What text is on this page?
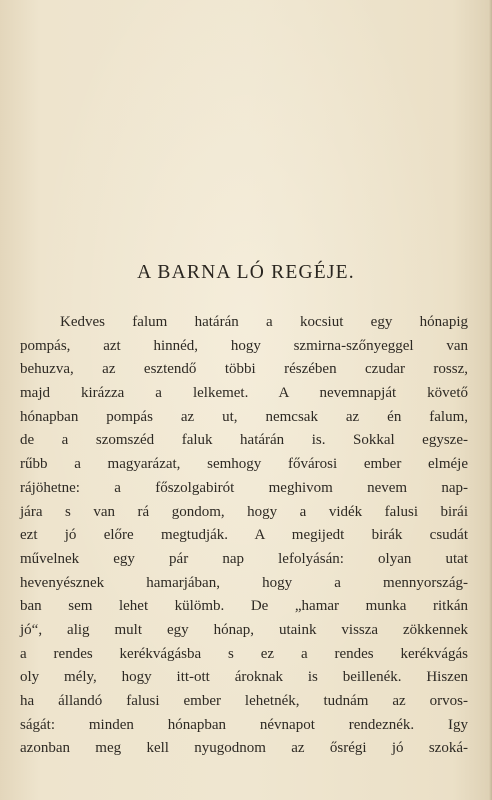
A BARNA LÓ REGÉJE.
Kedves falum határán a kocsiut egy hónapig
pompás, azt hinnéd, hogy szmirna-szőnyeggel van
behuzva, az esztendő többi részében czudar rossz,
majd kirázza a lelkemet. A nevemnapját követő
hónapban pompás az ut, nemcsak az én falum,
de a szomszéd faluk határán is. Sokkal egysze-
rűbb a magyarázat, semhogy fővárosi ember elméje
rájöhetne: a főszolgabirót meghivom nevem nap-
jára s van rá gondom, hogy a vidék falusi birái
ezt jó előre megtudják. A megijedt birák csudát
művelnek egy pár nap lefolyásán: olyan utat
hevenyésznek hamarjában, hogy a mennyország-
ban sem lehet külömb. De „hamar munka ritkán
jó“, alig mult egy hónap, utaink vissza zökkennek
a rendes kerékvágásba s ez a rendes kerékvágás
oly mély, hogy itt-ott ároknak is beillenék. Hiszen
ha állandó falusi ember lehetnék, tudnám az orvos-
ságát: minden hónapban névnapot rendeznék. Igy
azonban meg kell nyugodnom az ősrégi jó szoká-
